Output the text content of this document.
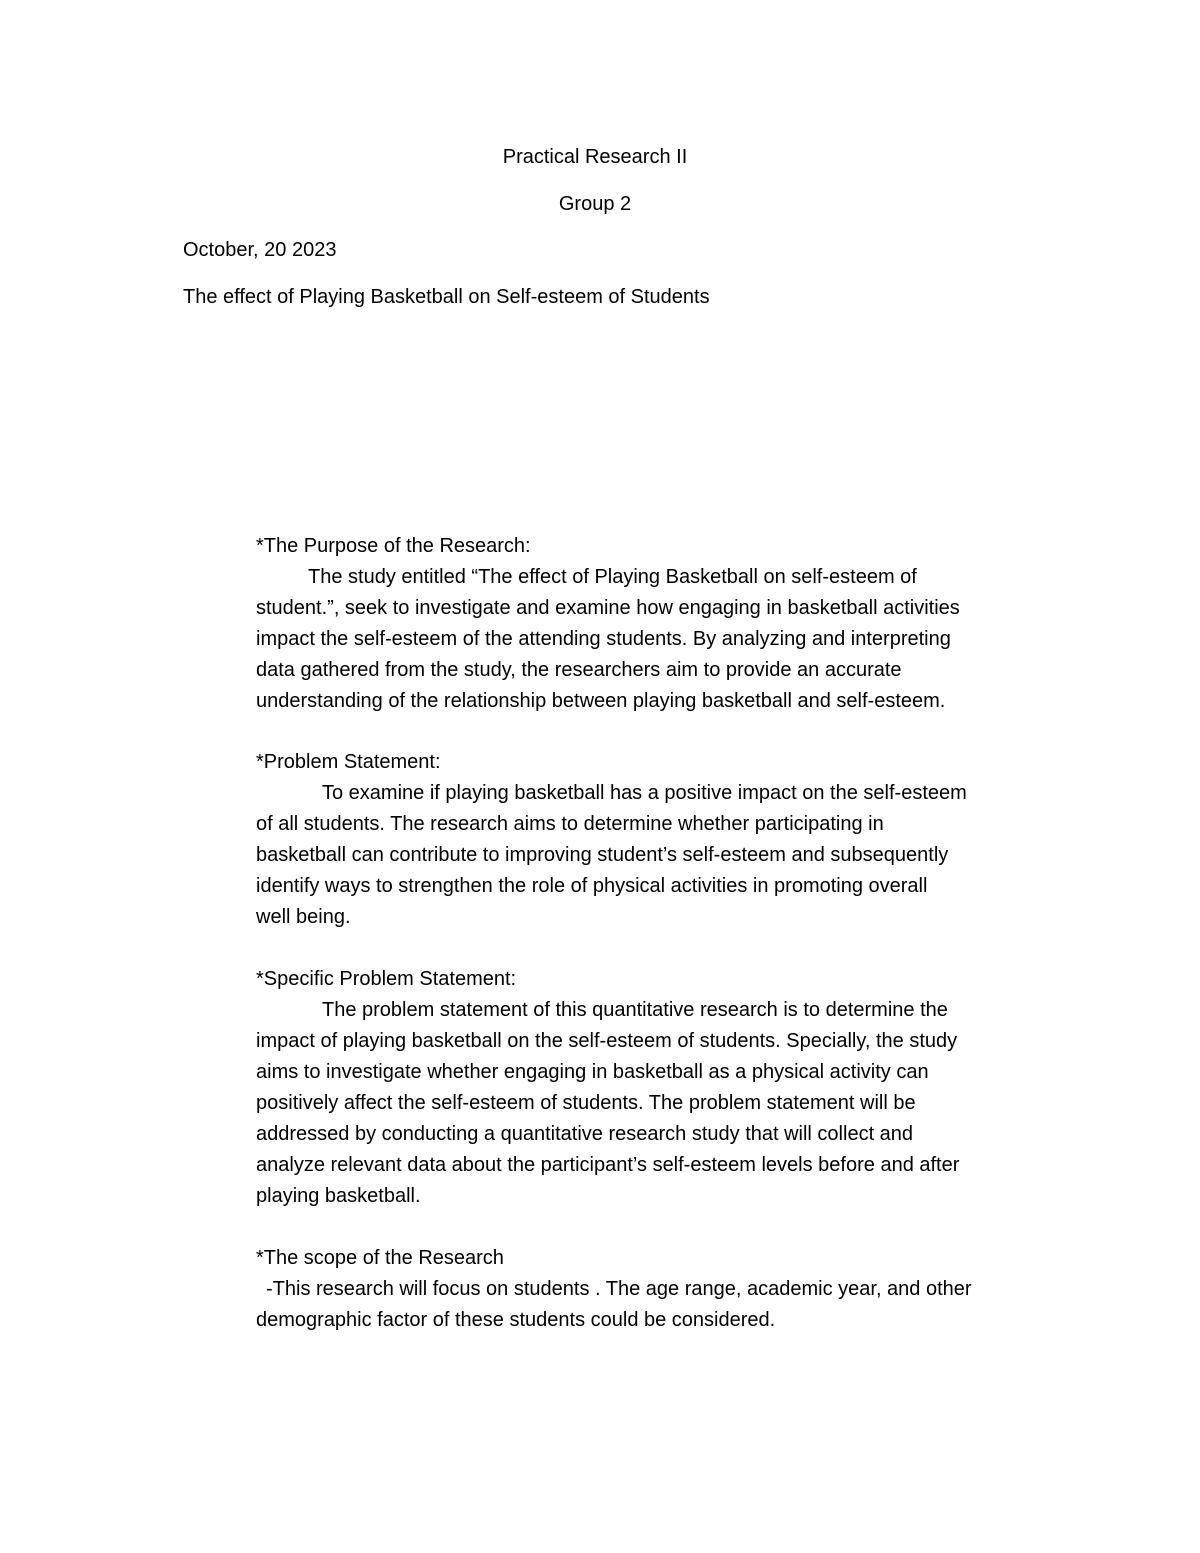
Practical Research II

Group 2

October, 20 2023

The effect of Playing Basketball on Self-esteem of Students

*The Purpose of the Research:

The study entitled “The effect of Playing Basketball on self-esteem of
student.”, seek to investigate and examine how engaging in basketball activities
impact the self-esteem of the attending students. By analyzing and interpreting
data gathered from the study, the researchers aim to provide an accurate
understanding of the relationship between playing basketball and self-esteem.

*Problem Statement:

To examine if playing basketball has a positive impact on the self-esteem
of all students. The research aims to determine whether participating in
basketball can contribute to improving student’s self-esteem and subsequently
identify ways to strengthen the role of physical activities in promoting overall
well being.

*Specific Problem Statement:

The problem statement of this quantitative research is to determine the
impact of playing basketball on the self-esteem of students. Specially, the study
aims to investigate whether engaging in basketball as a physical activity can
positively affect the self-esteem of students. The problem statement will be
addressed by conducting a quantitative research study that will collect and
analyze relevant data about the participant’s self-esteem levels before and after
playing basketball.

*The scope of the Research

-This research will focus on students . The age range, academic year, and other
demographic factor of these students could be considered.
